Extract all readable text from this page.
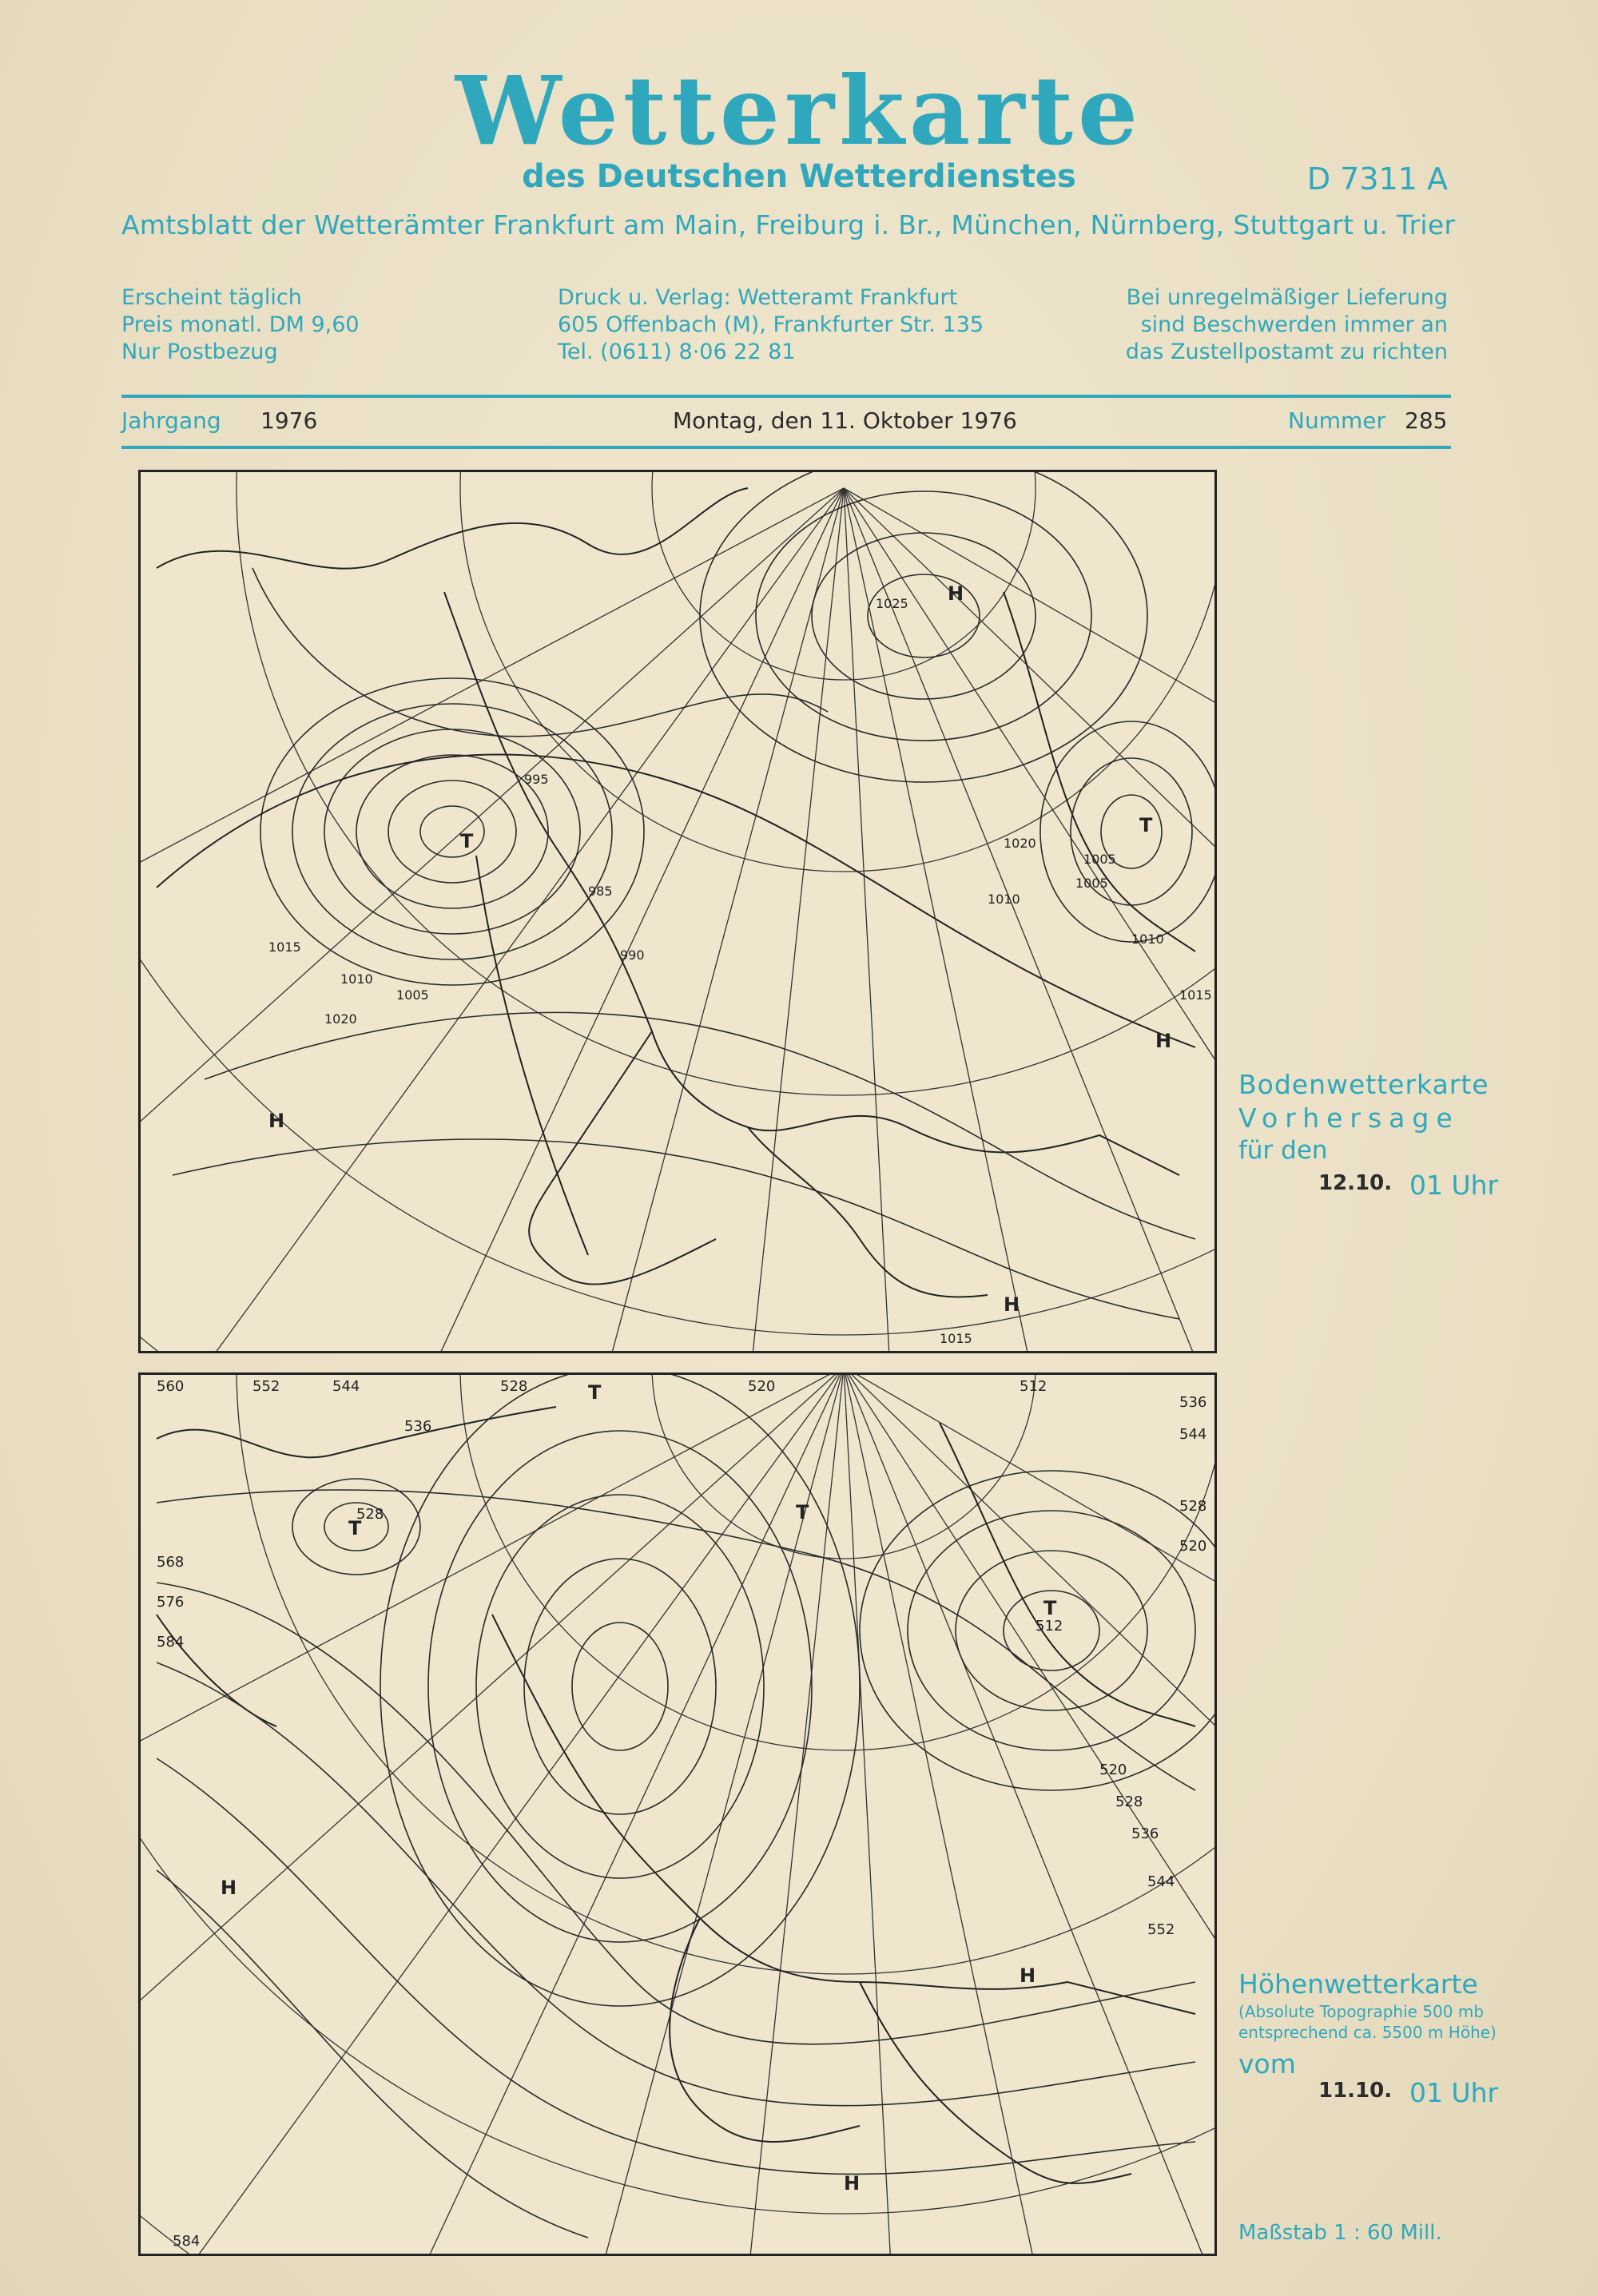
Wetterkarte
des Deutschen Wetterdienstes	D 7311 A
Amtsblatt der Wetterämter Frankfurt am Main, Freiburg i. Br., München, Nürnberg, Stuttgart u. Trier
Erscheint täglich
Preis monatl. DM 9,60
Nur Postbezug
Druck u. Verlag: Wetteramt Frankfurt
605 Offenbach (M), Frankfurter Str. 135
Tel. (0611) 8·06 22 81
Bei unregelmäßiger Lieferung
sind Beschwerden immer an
das Zustellpostamt zu richten
Jahrgang 1976	Montag, den 11. Oktober 1976	Nummer 285
1015
1010
1005
1020
995
990
985
1025
1015
1010
1005
1010
1015
1020
1005
T
T
H
H
H
H
Bodenwetterkarte
Vorhersage
für den
12.10. 01 Uhr
560	552	544
536
528	520	512
536
544
528
520
512
520
528
536
544
552
568
576
584
528
584
T
T
T
T
H
H
H	Höhenwetterkarte
(Absolute Topographie 500 mb
entsprechend ca. 5500 m Höhe)
vom
11.10. 01 Uhr
Maßstab 1 : 60 Mill.
